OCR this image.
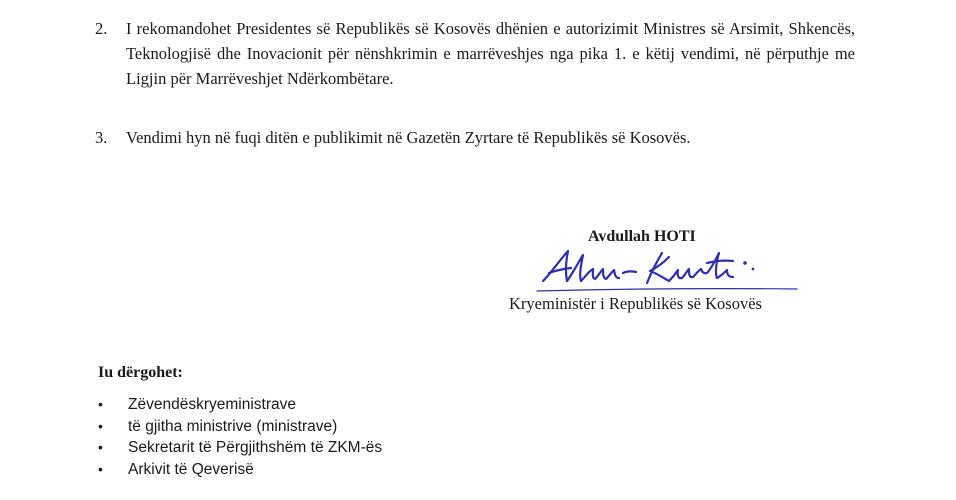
2. I rekomandohet Presidentes së Republikës së Kosovës dhënien e autorizimit Ministres së Arsimit, Shkencës, Teknologjisë dhe Inovacionit për nënshkrimin e marrëveshjes nga pika 1. e këtij vendimi, në përputhje me Ligjin për Marrëveshjet Ndërkombëtare.
3. Vendimi hyn në fuqi ditën e publikimit në Gazetën Zyrtare të Republikës së Kosovës.
Avdullah HOTI
Kryeministër i Republikës së Kosovës
Iu dërgohet:
• Zëvendëskryeministrave
• të gjitha ministrive (ministrave)
• Sekretarit të Përgjithshëm të ZKM-ës
• Arkivit të Qeverisë
